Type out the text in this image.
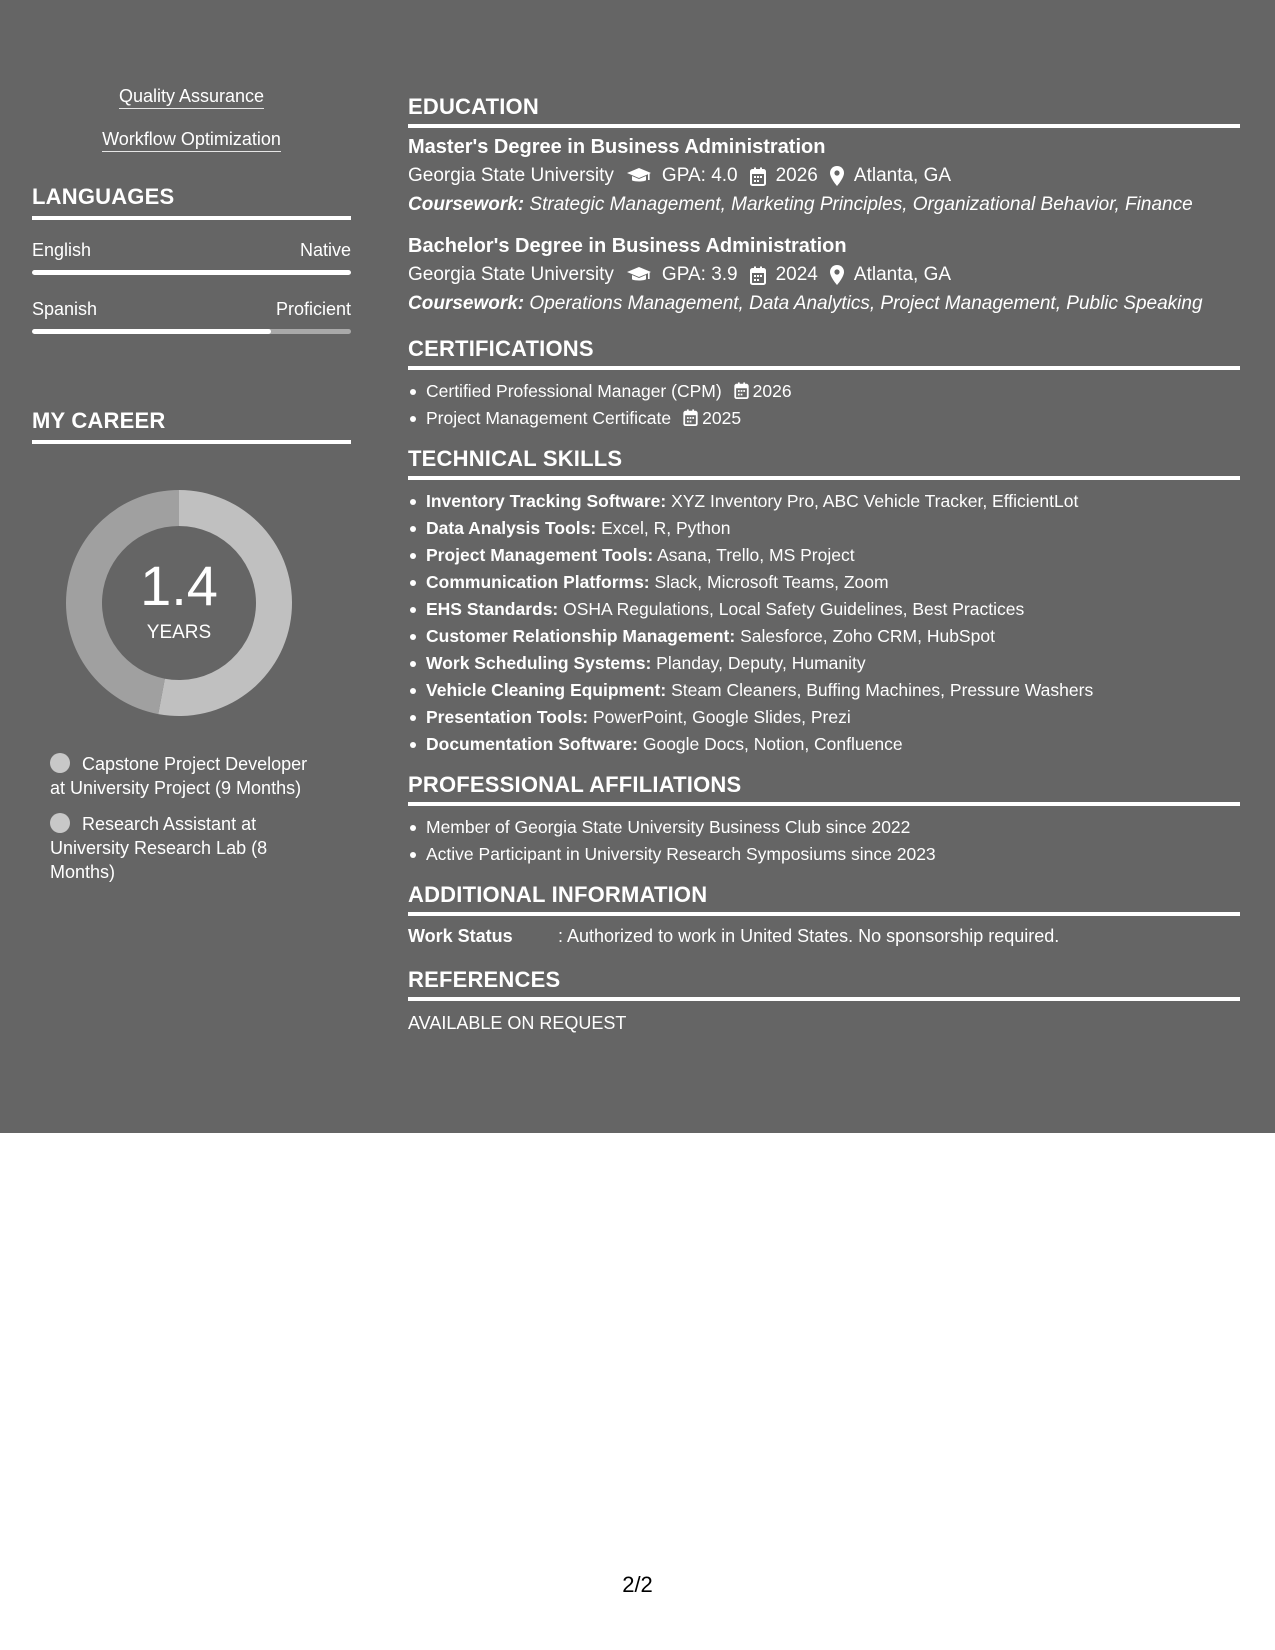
Quality Assurance
Workflow Optimization
LANGUAGES
English	Native
Spanish	Proficient
MY CAREER
1.4
YEARS
Capstone Project Developer at University Project (9 Months)
Research Assistant at University Research Lab (8 Months)
EDUCATION
Master's Degree in Business Administration
Georgia State University	GPA: 4.0 2026 Atlanta, GA
Coursework: Strategic Management, Marketing Principles, Organizational Behavior, Finance
Bachelor's Degree in Business Administration
Georgia State University	GPA: 3.9 2024 Atlanta, GA
Coursework: Operations Management, Data Analytics, Project Management, Public Speaking
CERTIFICATIONS
Certified Professional Manager (CPM) 2026
Project Management Certificate 2025
TECHNICAL SKILLS
Inventory Tracking Software: XYZ Inventory Pro, ABC Vehicle Tracker, EfficientLot
Data Analysis Tools: Excel, R, Python
Project Management Tools: Asana, Trello, MS Project
Communication Platforms: Slack, Microsoft Teams, Zoom
EHS Standards: OSHA Regulations, Local Safety Guidelines, Best Practices
Customer Relationship Management: Salesforce, Zoho CRM, HubSpot
Work Scheduling Systems: Planday, Deputy, Humanity
Vehicle Cleaning Equipment: Steam Cleaners, Buffing Machines, Pressure Washers
Presentation Tools: PowerPoint, Google Slides, Prezi
Documentation Software: Google Docs, Notion, Confluence
PROFESSIONAL AFFILIATIONS
Member of Georgia State University Business Club since 2022
Active Participant in University Research Symposiums since 2023
ADDITIONAL INFORMATION
Work Status	: Authorized to work in United States. No sponsorship required.
REFERENCES
AVAILABLE ON REQUEST
2/2
